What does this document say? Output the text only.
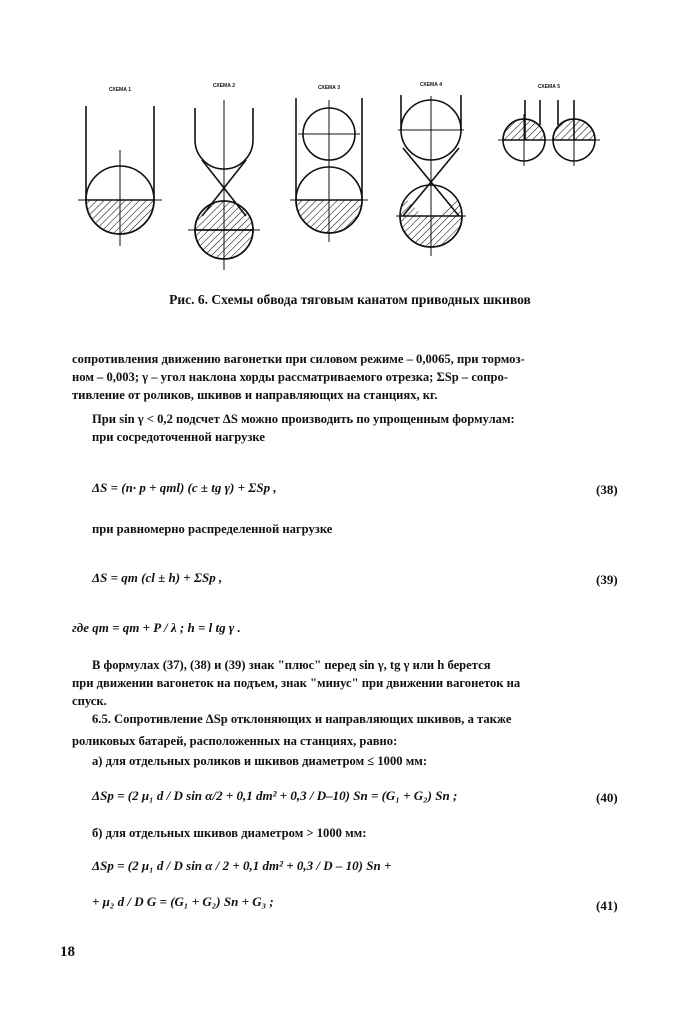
СХЕМА 1
СХЕМА 2	СХЕМА 3	СХЕМА 4	СХЕМА 5
Рис. 6. Схемы обвода тяговым канатом приводных шкивов
сопротивления движению вагонетки при силовом режиме – 0,0065, при тормоз-
ном – 0,003; γ – угол наклона хорды рассматриваемого отрезка; ΣSр – сопро-
тивление от роликов, шкивов и направляющих на станциях, кг.
При sin γ < 0,2 подсчет ΔS можно производить по упрощенным формулам:
при сосредоточенной нагрузке
ΔS = (n· p + qтl) (c ± tg γ) + ΣSр ,	(38)
при равномерно распределенной нагрузке
ΔS = qm (cl ± h) + ΣSр ,	(39)
где qm = qт + P / λ ; h = l tg γ .
В формулах (37), (38) и (39) знак "плюс" перед sin γ, tg γ или h берется
при движении вагонеток на подъем, знак "минус" при движении вагонеток на
спуск.
6.5. Сопротивление ΔSр отклоняющих и направляющих шкивов, а также
роликовых батарей, расположенных на станциях, равно:
а) для отдельных роликов и шкивов диаметром ≤ 1000 мм:
ΔSр = (2 μ₁ d / D sin α/2 + 0,1 dт² + 0,3 / D–10) Sn = (G₁ + G₂) Sn ;	(40)
б) для отдельных шкивов диаметром > 1000 мм:
ΔSр = (2 μ₁ d / D sin α / 2 + 0,1 dт² + 0,3 / D – 10) Sn +
+ μ₂ d / D G = (G₁ + G₂) Sn + G₃ ;	(41)
18
